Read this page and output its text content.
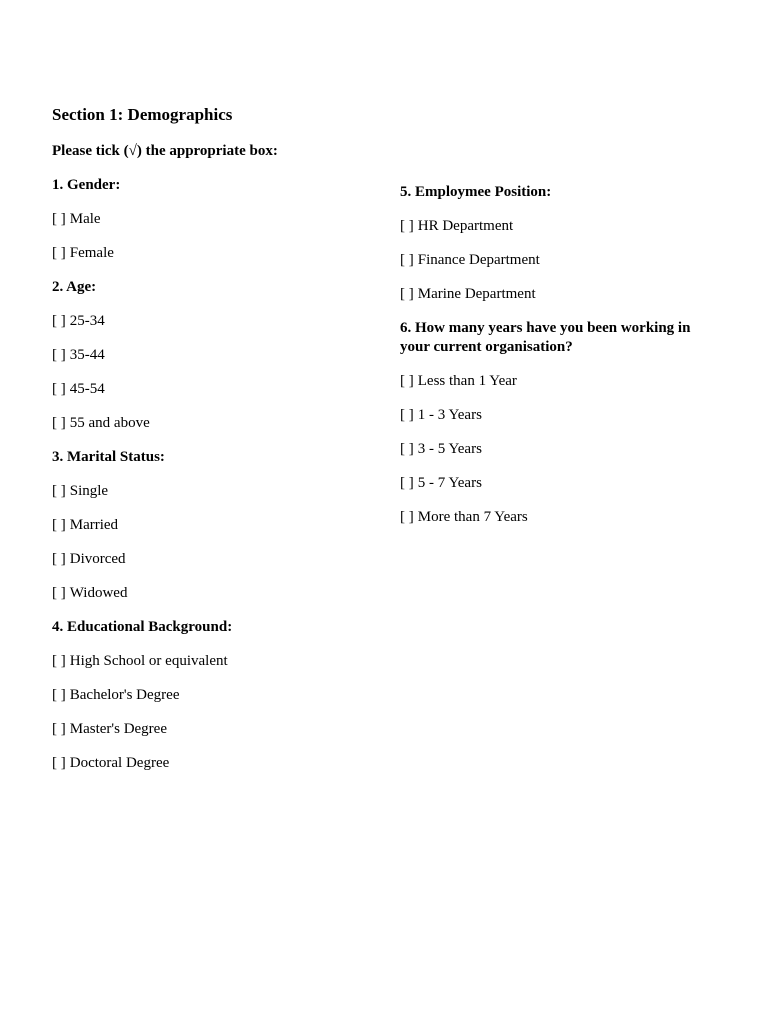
Section 1: Demographics

Please tick (√) the appropriate box:

1. Gender:

[ ] Male
[ ] Female

2. Age:

[ ] 25-34
[ ] 35-44
[ ] 45-54
[ ] 55 and above

3. Marital Status:

[ ] Single
[ ] Married
[ ] Divorced
[ ] Widowed

4. Educational Background:

[ ] High School or equivalent
[ ] Bachelor's Degree
[ ] Master's Degree
[ ] Doctoral Degree

5. Employmee Position:

[ ] HR Department
[ ] Finance Department
[ ] Marine Department

6. How many years have you been working in your current organisation?

[ ] Less than 1 Year
[ ] 1 - 3 Years
[ ] 3 - 5 Years
[ ] 5 - 7 Years
[ ] More than 7 Years
